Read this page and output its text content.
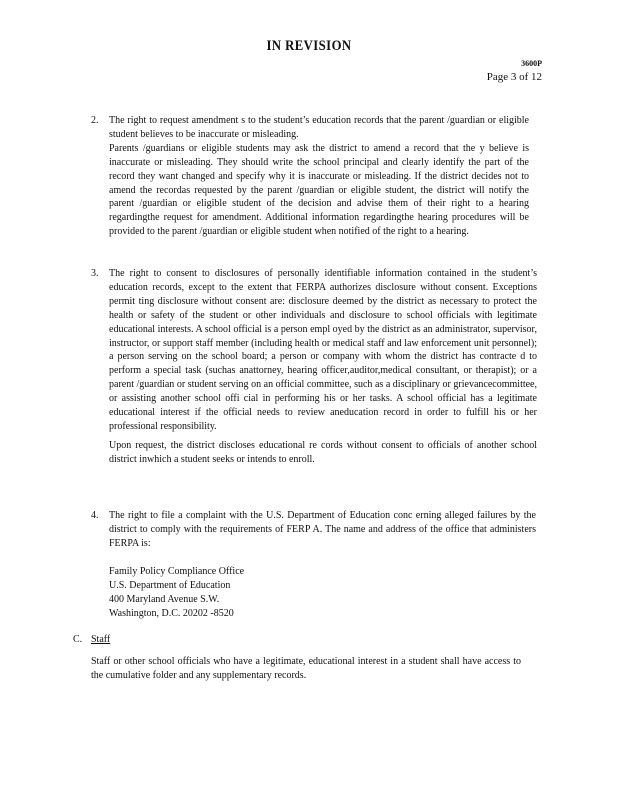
IN REVISION
3600P
Page 3 of 12
2. The right to request amendment s to the student’s education records that the parent /guardian or eligible student believes to be inaccurate or misleading.

Parents /guardians or eligible students may ask the district to amend a record that the y believe is inaccurate or misleading. They should write the school principal and clearly identify the part of the record they want changed and specify why it is inaccurate or misleading. If the district decides not to amend the recordas requested by the parent /guardian or eligible student, the district will notify the parent /guardian or eligible student of the decision and advise them of their right to a hearing regardingthe request for amendment. Additional information regardingthe hearing procedures will be provided to the parent /guardian or eligible student when notified of the right to a hearing.

3. The right to consent to disclosures of personally identifiable information contained in the student’s education records, except to the extent that FERPA authorizes disclosure without consent. Exceptions permit ting disclosure without consent are: disclosure deemed by the district as necessary to protect the health or safety of the student or other individuals and disclosure to school officials with legitimate educational interests. A school official is a person empl oyed by the district as an administrator, supervisor, instructor, or support staff member (including health or medical staff and law enforcement unit personnel); a person serving on the school board; a person or company with whom the district has contracte d to perform a special task (suchas anattorney, hearing officer,auditor,medical consultant, or therapist); or a parent /guardian or student serving on an official committee, such as a disciplinary or grievancecommittee, or assisting another school offi cial in performing his or her tasks. A school official has a legitimate educational interest if the official needs to review aneducation record in order to fulfill his or her professional responsibility.

Upon request, the district discloses educational re cords without consent to officials of another school district inwhich a student seeks or intends to enroll.

4. The right to file a complaint with the U.S. Department of Education conc erning alleged failures by the district to comply with the requirements of FERP A. The name and address of the office that administers FERPA is:

Family Policy Compliance Office
U.S. Department of Education
400 Maryland Avenue S.W.
Washington, D.C. 20202 -8520
C. Staff
Staff or other school officials who have a legitimate, educational interest in a student shall have access to the cumulative folder and any supplementary records.
